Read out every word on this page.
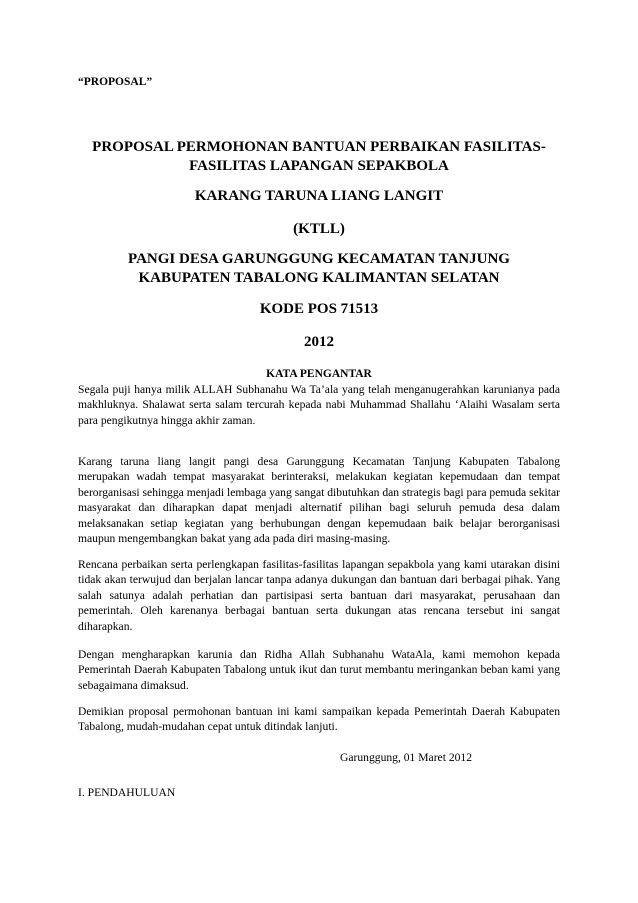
“PROPOSAL”
PROPOSAL PERMOHONAN BANTUAN PERBAIKAN FASILITAS-
FASILITAS LAPANGAN SEPAKBOLA
KARANG TARUNA LIANG LANGIT
(KTLL)
PANGI DESA GARUNGGUNG KECAMATAN TANJUNG
KABUPATEN TABALONG KALIMANTAN SELATAN
KODE POS 71513
2012
KATA PENGANTAR

Segala puji hanya milik ALLAH Subhanahu Wa Ta’ala yang telah menganugerahkan karunianya pada makhluknya. Shalawat serta salam tercurah kepada nabi Muhammad Shallahu ‘Alaihi Wasalam serta para pengikutnya hingga akhir zaman.

Karang taruna liang langit pangi desa Garunggung Kecamatan Tanjung Kabupaten Tabalong merupakan wadah tempat masyarakat berinteraksi, melakukan kegiatan kepemudaan dan tempat berorganisasi sehingga menjadi lembaga yang sangat dibutuhkan dan strategis bagi para pemuda sekitar masyarakat dan diharapkan dapat menjadi alternatif pilihan bagi seluruh pemuda desa dalam melaksanakan setiap kegiatan yang berhubungan dengan kepemudaan baik belajar berorganisasi maupun mengembangkan bakat yang ada pada diri masing-masing.

Rencana perbaikan serta perlengkapan fasilitas-fasilitas lapangan sepakbola yang kami utarakan disini tidak akan terwujud dan berjalan lancar tanpa adanya dukungan dan bantuan dari berbagai pihak. Yang salah satunya adalah perhatian dan partisipasi serta bantuan dari masyarakat, perusahaan dan pemerintah. Oleh karenanya berbagai bantuan serta dukungan atas rencana tersebut ini sangat diharapkan.

Dengan mengharapkan karunia dan Ridha Allah Subhanahu WataAla, kami memohon kepada Pemerintah Daerah Kabupaten Tabalong untuk ikut dan turut membantu meringankan beban kami yang sebagaimana dimaksud.

Demikian proposal permohonan bantuan ini kami sampaikan kepada Pemerintah Daerah Kabupaten Tabalong, mudah-mudahan cepat untuk ditindak lanjuti.

Garunggung, 01 Maret 2012
I. PENDAHULUAN
